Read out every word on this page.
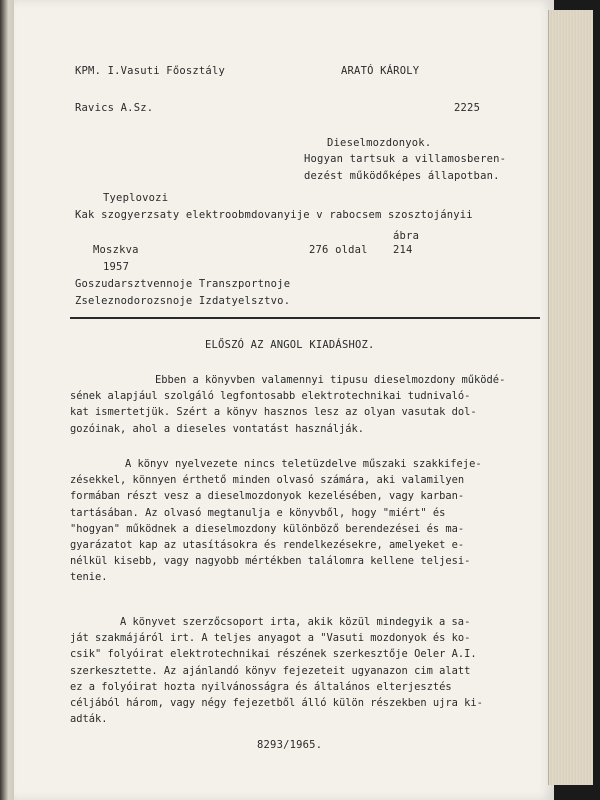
KPM. I.Vasuti Főosztály	ARATÓ KÁROLY
Ravics A.Sz.	2225
Dieselmozdonyok.
Hogyan tartsuk a villamosberen-
dezést működőképes állapotban.
Tyeplovozi
Kak szogyerzsaty elektroobmdovanyije v rabocsem szosztojányii
ábra
Moszkva	276 oldal 214
1957
Goszudarsztvennoje Transzportnoje
Zseleznodorozsnoje Izdatyelsztvo.
ELŐSZÓ AZ ANGOL KIADÁSHOZ.
Ebben a könyvben valamennyi tipusu dieselmozdony működé-
sének alapjául szolgáló legfontosabb elektrotechnikai tudnivaló-
kat ismertetjük. Szért a könyv hasznos lesz az olyan vasutak dol-
gozóinak, ahol a dieseles vontatást használják.
A könyv nyelvezete nincs teletüzdelve műszaki szakkifeje-
zésekkel, könnyen érthető minden olvasó számára, aki valamilyen
formában részt vesz a dieselmozdonyok kezelésében, vagy karban-
tartásában. Az olvasó megtanulja e könyvből, hogy "miért" és
"hogyan" működnek a dieselmozdony különböző berendezései és ma-
gyarázatot kap az utasításokra és rendelkezésekre, amelyeket e-
nélkül kisebb, vagy nagyobb mértékben találomra kellene teljesi-
tenie.
A könyvet szerzőcsoport irta, akik közül mindegyik a sa-
ját szakmájáról irt. A teljes anyagot a "Vasuti mozdonyok és ko-
csik" folyóirat elektrotechnikai részének szerkesztője Oeler A.I.
szerkesztette. Az ajánlandó könyv fejezeteit ugyanazon cim alatt
ez a folyóirat hozta nyilvánosságra és általános elterjesztés
céljából három, vagy négy fejezetből álló külön részekben ujra ki-
adták.
8293/1965.
